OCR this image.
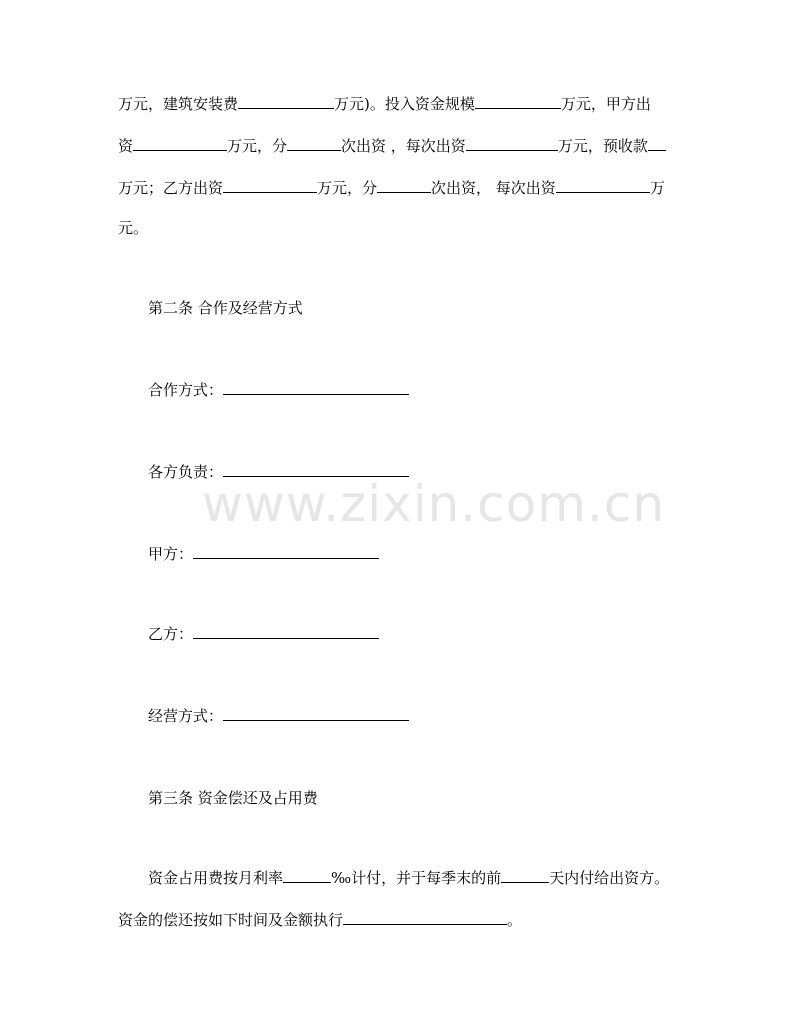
www.zixin.com.cn
万元，建筑安装费	万元)。投入资金规模	万元，甲方出
资	万元，分	次出资 ，每次出资	万元，预收款
万元；乙方出资	万元，分	次出资， 每次出资	万
元。
第二条 合作及经营方式
合作方式：
各方负责：
甲方：
乙方：
经营方式：
第三条 资金偿还及占用费
资金占用费按月利率	‰计付，并于每季末的前	天内付给出资方。
资金的偿还按如下时间及金额执行	。
